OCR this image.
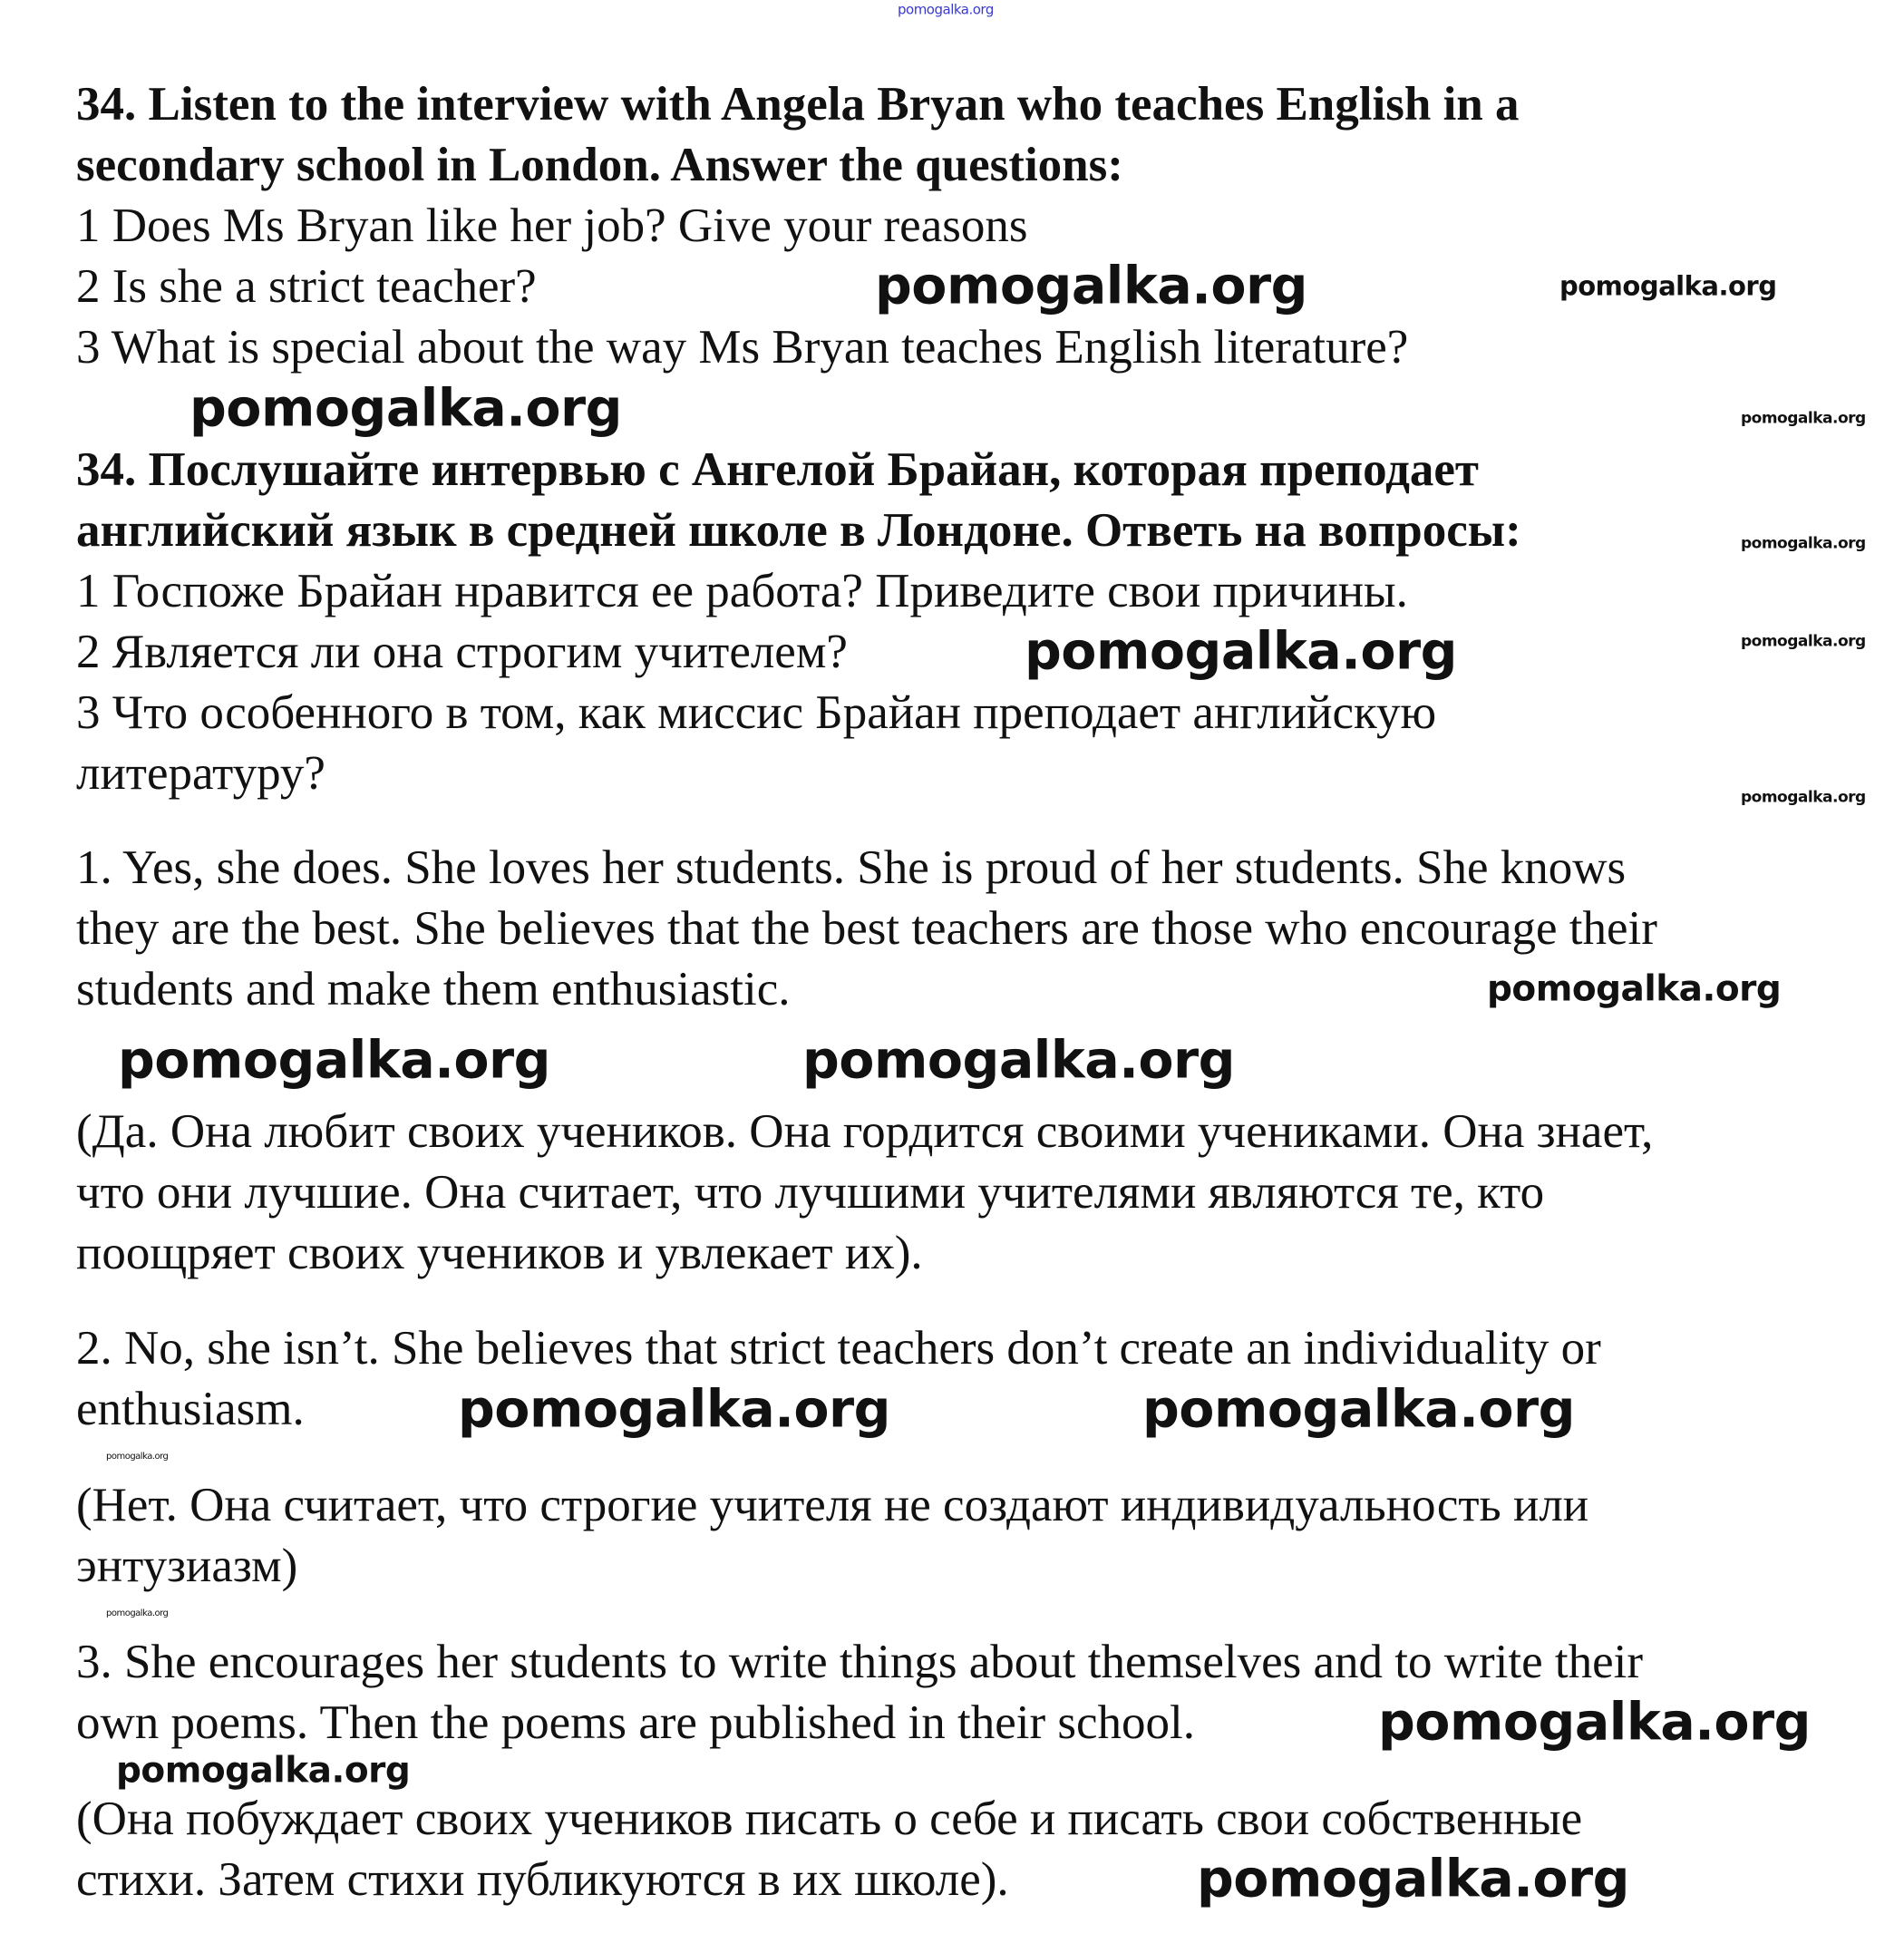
34. Listen to the interview with Angela Bryan who teaches English in a
secondary school in London. Answer the questions:
1 Does Ms Bryan like her job? Give your reasons
2 Is she a strict teacher?
3 What is special about the way Ms Bryan teaches English literature?
34. Послушайте интервью с Ангелой Брайан, которая преподает
английский язык в средней школе в Лондоне. Ответь на вопросы:
1 Госпоже Брайан нравится ее работа? Приведите свои причины.
2 Является ли она строгим учителем?
3 Что особенного в том, как миссис Брайан преподает английскую
литературу?
1. Yes, she does. She loves her students. She is proud of her students. She knows
they are the best. She believes that the best teachers are those who encourage their
students and make them enthusiastic.
(Да. Она любит своих учеников. Она гордится своими учениками. Она знает,
что они лучшие. Она считает, что лучшими учителями являются те, кто
поощряет своих учеников и увлекает их).
2. No, she isn’t. She believes that strict teachers don’t create an individuality or
enthusiasm.
(Нет. Она считает, что строгие учителя не создают индивидуальность или
энтузиазм)
3. She encourages her students to write things about themselves and to write their
own poems. Then the poems are published in their school.
(Она побуждает своих учеников писать о себе и писать свои собственные
стихи. Затем стихи публикуются в их школе).
pomogalka.org
pomogalka.org	pomogalka.org
pomogalka.org	pomogalka.org
pomogalka.org
pomogalka.org
pomogalka.org
pomogalka.org
pomogalka.org
pomogalka.org	pomogalka.org
pomogalka.org	pomogalka.org
pomogalka.org
pomogalka.org
pomogalka.org
pomogalka.org
pomogalka.org
